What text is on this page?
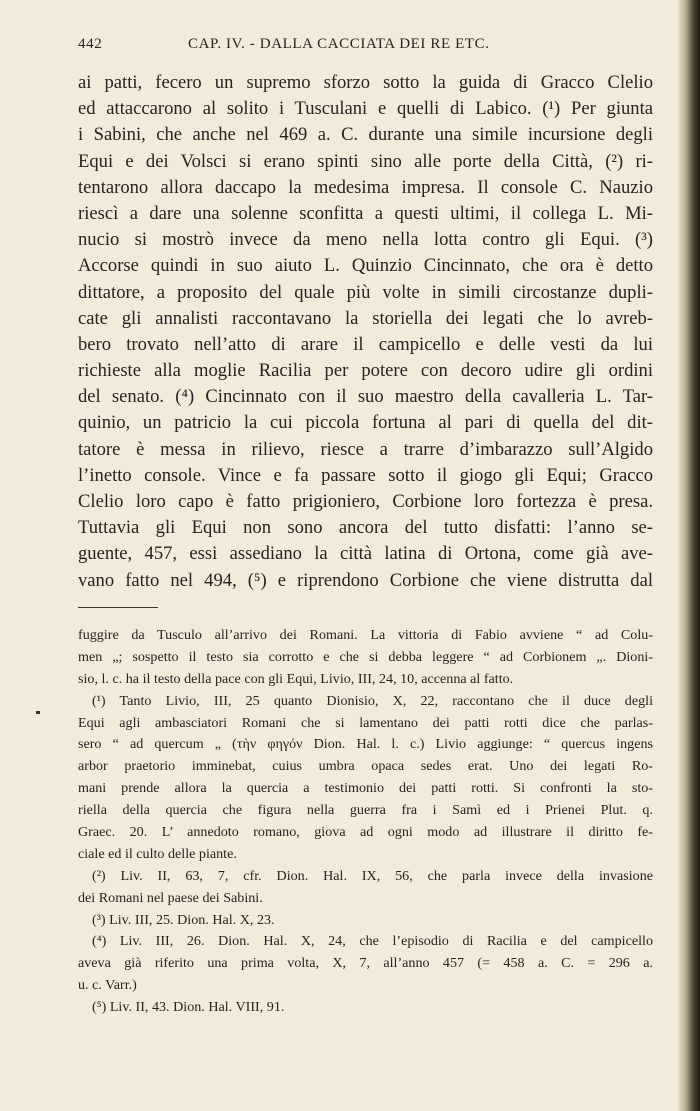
442	CAP. IV. - DALLA CACCIATA DEI RE ETC.
ai patti, fecero un supremo sforzo sotto la guida di Gracco Clelio
ed attaccarono al solito i Tusculani e quelli di Labico. (¹) Per giunta
i Sabini, che anche nel 469 a. C. durante una simile incursione degli
Equi e dei Volsci si erano spinti sino alle porte della Città, (²) ri-
tentarono allora daccapo la medesima impresa. Il console C. Nauzio
riescì a dare una solenne sconfitta a questi ultimi, il collega L. Mi-
nucio si mostrò invece da meno nella lotta contro gli Equi. (³)
Accorse quindi in suo aiuto L. Quinzio Cincinnato, che ora è detto
dittatore, a proposito del quale più volte in simili circostanze dupli-
cate gli annalisti raccontavano la storiella dei legati che lo avreb-
bero trovato nell’atto di arare il campicello e delle vesti da lui
richieste alla moglie Racilia per potere con decoro udire gli ordini
del senato. (⁴) Cincinnato con il suo maestro della cavalleria L. Tar-
quinio, un patricio la cui piccola fortuna al pari di quella del dit-
tatore è messa in rilievo, riesce a trarre d’imbarazzo sull’Algido
l’inetto console. Vince e fa passare sotto il giogo gli Equi; Gracco
Clelio loro capo è fatto prigioniero, Corbione loro fortezza è presa.
Tuttavia gli Equi non sono ancora del tutto disfatti: l’anno se-
guente, 457, essi assediano la città latina di Ortona, come già ave-
vano fatto nel 494, (⁵) e riprendono Corbione che viene distrutta dal
fuggire da Tusculo all’arrivo dei Romani. La vittoria di Fabio avviene “ ad Colu-
men „; sospetto il testo sia corrotto e che si debba leggere “ ad Corbionem „. Dioni-
sio, l. c. ha il testo della pace con gli Equi, Livio, III, 24, 10, accenna al fatto.
(¹) Tanto Livio, III, 25 quanto Dionisio, X, 22, raccontano che il duce degli
Equi agli ambasciatori Romani che si lamentano dei patti rotti dice che parlas-
sero “ ad quercum „ (τὴν φηγόν Dion. Hal. l. c.) Livio aggiunge: “ quercus ingens
arbor praetorio imminebat, cuius umbra opaca sedes erat. Uno dei legati Ro-
mani prende allora la quercia a testimonio dei patti rotti. Si confronti la sto-
riella della quercia che figura nella guerra fra i Samì ed i Prienei Plut. q.
Graec. 20. L’ annedoto romano, giova ad ogni modo ad illustrare il diritto fe-
ciale ed il culto delle piante.
(²) Liv. II, 63, 7, cfr. Dion. Hal. IX, 56, che parla invece della invasione
dei Romani nel paese dei Sabini.
(³) Liv. III, 25. Dion. Hal. X, 23.
(⁴) Liv. III, 26. Dion. Hal. X, 24, che l’episodio di Racilia e del campicello
aveva già riferito una prima volta, X, 7, all’anno 457 (= 458 a. C. = 296 a.
u. c. Varr.)
(⁵) Liv. II, 43. Dion. Hal. VIII, 91.
